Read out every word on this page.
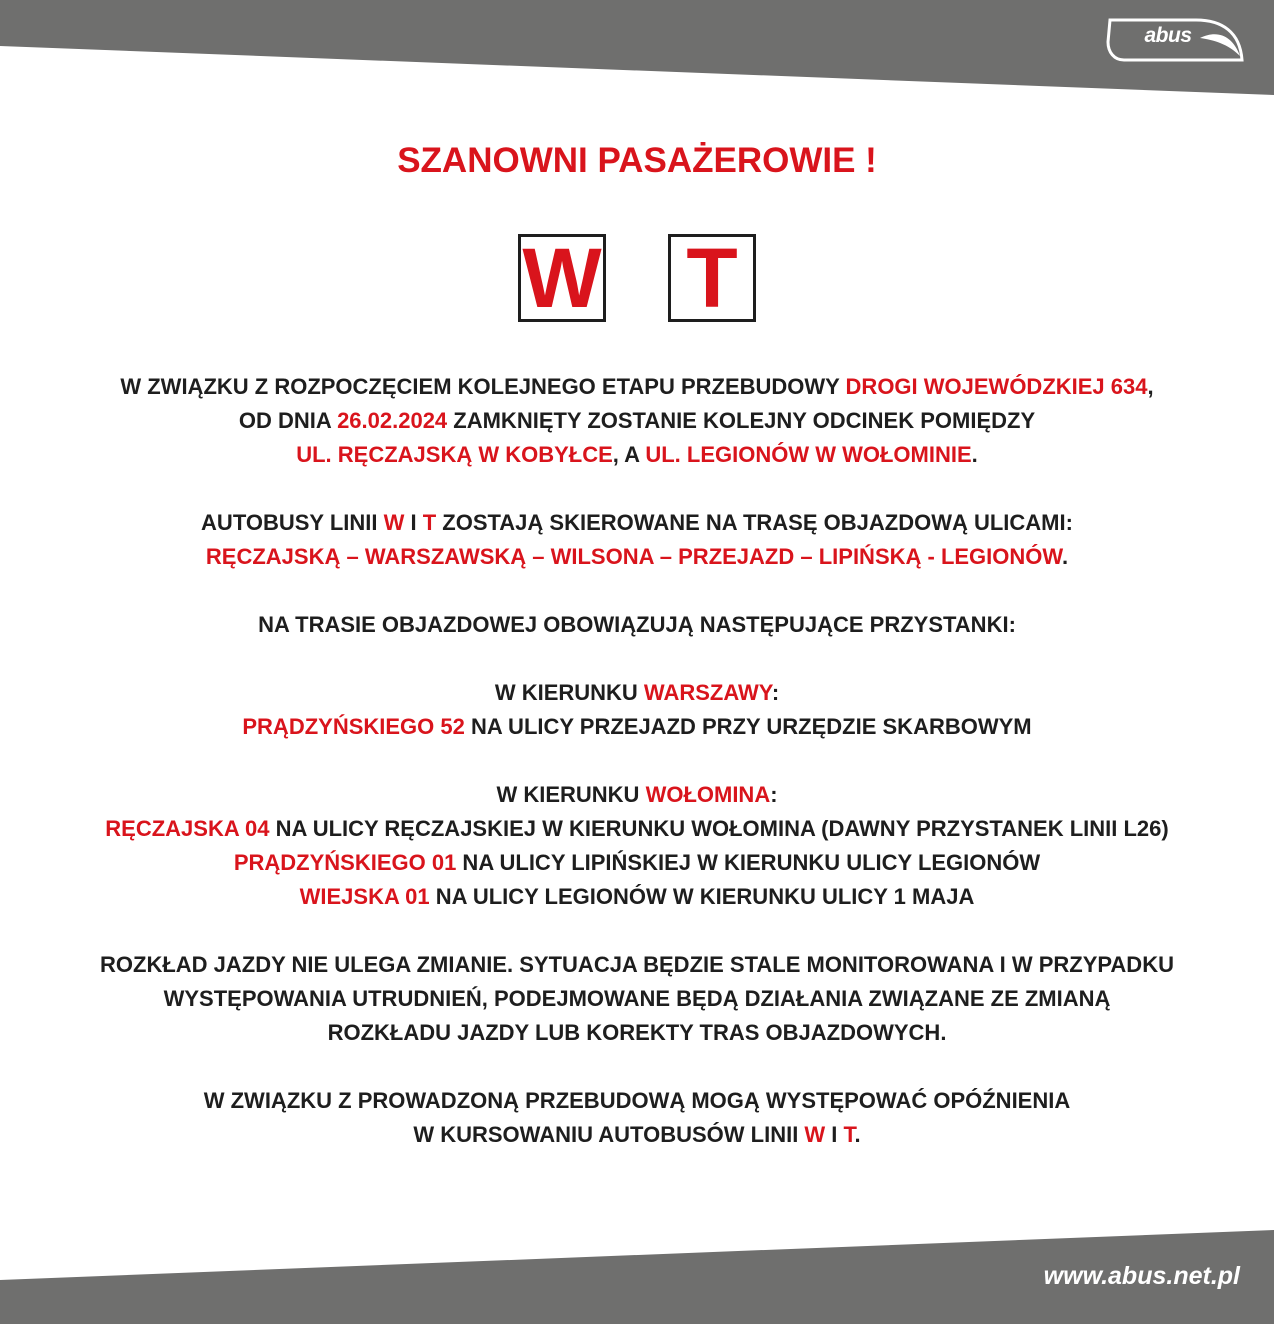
abus
SZANOWNI PASAŻEROWIE !
W T

W ZWIĄZKU Z ROZPOCZĘCIEM KOLEJNEGO ETAPU PRZEBUDOWY DROGI WOJEWÓDZKIEJ 634,

OD DNIA 26.02.2024 ZAMKNIĘTY ZOSTANIE KOLEJNY ODCINEK POMIĘDZY

UL. RĘCZAJSKĄ W KOBYŁCE, A UL. LEGIONÓW W WOŁOMINIE.

AUTOBUSY LINII W I T ZOSTAJĄ SKIEROWANE NA TRASĘ OBJAZDOWĄ ULICAMI:

RĘCZAJSKĄ – WARSZAWSKĄ – WILSONA – PRZEJAZD – LIPIŃSKĄ - LEGIONÓW.

NA TRASIE OBJAZDOWEJ OBOWIĄZUJĄ NASTĘPUJĄCE PRZYSTANKI:

W KIERUNKU WARSZAWY:

PRĄDZYŃSKIEGO 52 NA ULICY PRZEJAZD PRZY URZĘDZIE SKARBOWYM

W KIERUNKU WOŁOMINA:

RĘCZAJSKA 04 NA ULICY RĘCZAJSKIEJ W KIERUNKU WOŁOMINA (DAWNY PRZYSTANEK LINII L26)

PRĄDZYŃSKIEGO 01 NA ULICY LIPIŃSKIEJ W KIERUNKU ULICY LEGIONÓW

WIEJSKA 01 NA ULICY LEGIONÓW W KIERUNKU ULICY 1 MAJA

ROZKŁAD JAZDY NIE ULEGA ZMIANIE. SYTUACJA BĘDZIE STALE MONITOROWANA I W PRZYPADKU

WYSTĘPOWANIA UTRUDNIEŃ, PODEJMOWANE BĘDĄ DZIAŁANIA ZWIĄZANE ZE ZMIANĄ

ROZKŁADU JAZDY LUB KOREKTY TRAS OBJAZDOWYCH.

W ZWIĄZKU Z PROWADZONĄ PRZEBUDOWĄ MOGĄ WYSTĘPOWAĆ OPÓŹNIENIA

W KURSOWANIU AUTOBUSÓW LINII W I T.

www.abus.net.pl
